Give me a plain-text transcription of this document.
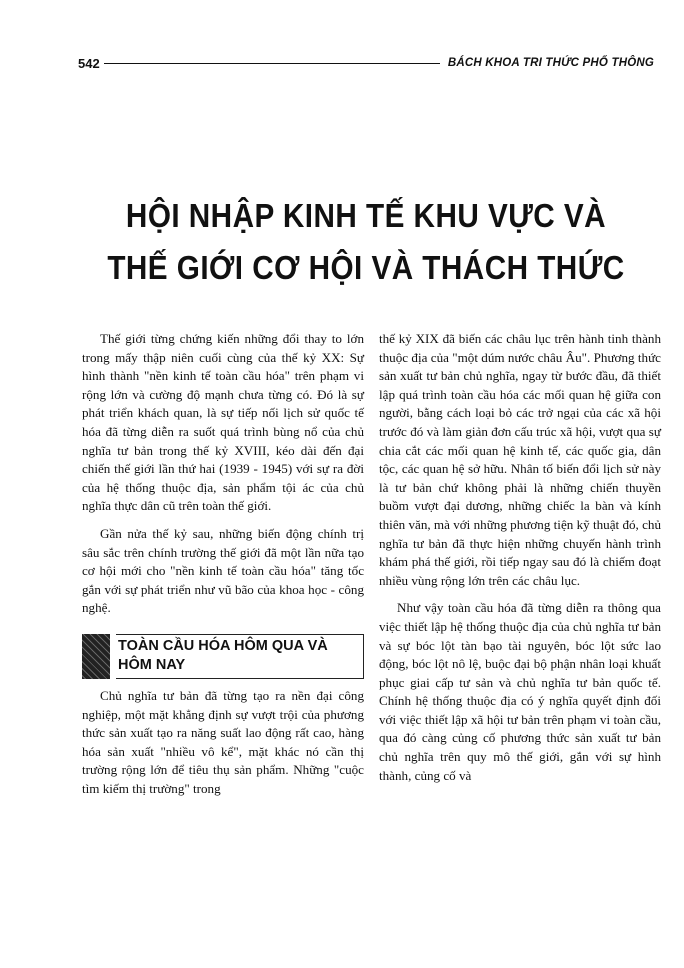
542	BÁCH KHOA TRI THỨC PHỔ THÔNG
HỘI NHẬP KINH TẾ KHU VỰC VÀ
THẾ GIỚI CƠ HỘI VÀ THÁCH THỨC

Thế giới từng chứng kiến những đổi thay to lớn trong mấy thập niên cuối cùng của thế kỷ XX: Sự hình thành "nền kinh tế toàn cầu hóa" trên phạm vi rộng lớn và cường độ mạnh chưa từng có. Đó là sự phát triển khách quan, là sự tiếp nối lịch sử quốc tế hóa đã từng diễn ra suốt quá trình bùng nổ của chủ nghĩa tư bản trong thế kỷ XVIII, kéo dài đến đại chiến thế giới lần thứ hai (1939 - 1945) với sự ra đời của hệ thống thuộc địa, sản phẩm tội ác của chủ nghĩa thực dân cũ trên toàn thế giới.

Gần nửa thế kỷ sau, những biến động chính trị sâu sắc trên chính trường thế giới đã một lần nữa tạo cơ hội mới cho "nền kinh tế toàn cầu hóa" tăng tốc gắn với sự phát triển như vũ bão của khoa học - công nghệ.

TOÀN CẦU HÓA HÔM QUA VÀ
HÔM NAY

Chủ nghĩa tư bản đã từng tạo ra nền đại công nghiệp, một mặt khẳng định sự vượt trội của phương thức sản xuất tạo ra năng suất lao động rất cao, hàng hóa sản xuất "nhiều vô kể", mặt khác nó cần thị trường rộng lớn để tiêu thụ sản phẩm. Những "cuộc tìm kiếm thị trường" trong

thế kỷ XIX đã biến các châu lục trên hành tinh thành thuộc địa của "một dúm nước châu Âu". Phương thức sản xuất tư bản chủ nghĩa, ngay từ bước đầu, đã thiết lập quá trình toàn cầu hóa các mối quan hệ giữa con người, bằng cách loại bỏ các trở ngại của các xã hội trước đó và làm giản đơn cấu trúc xã hội, vượt qua sự chia cắt các mối quan hệ kinh tế, các quốc gia, dân tộc, các quan hệ sở hữu. Nhân tố biến đổi lịch sử này là tư bản chứ không phải là những chiến thuyền buồm vượt đại dương, những chiếc la bàn và kính thiên văn, mà với những phương tiện kỹ thuật đó, chủ nghĩa tư bản đã thực hiện những chuyến hành trình khám phá thế giới, rồi tiếp ngay sau đó là chiếm đoạt nhiều vùng rộng lớn trên các châu lục.

Như vậy toàn cầu hóa đã từng diễn ra thông qua việc thiết lập hệ thống thuộc địa của chủ nghĩa tư bản và sự bóc lột tàn bạo tài nguyên, bóc lột sức lao động, bóc lột nô lệ, buộc đại bộ phận nhân loại khuất phục giai cấp tư sản và chủ nghĩa tư bản quốc tế. Chính hệ thống thuộc địa có ý nghĩa quyết định đối với việc thiết lập xã hội tư bản trên phạm vi toàn cầu, qua đó càng củng cố phương thức sản xuất tư bản chủ nghĩa trên quy mô thế giới, gắn với sự hình thành, củng cố và
